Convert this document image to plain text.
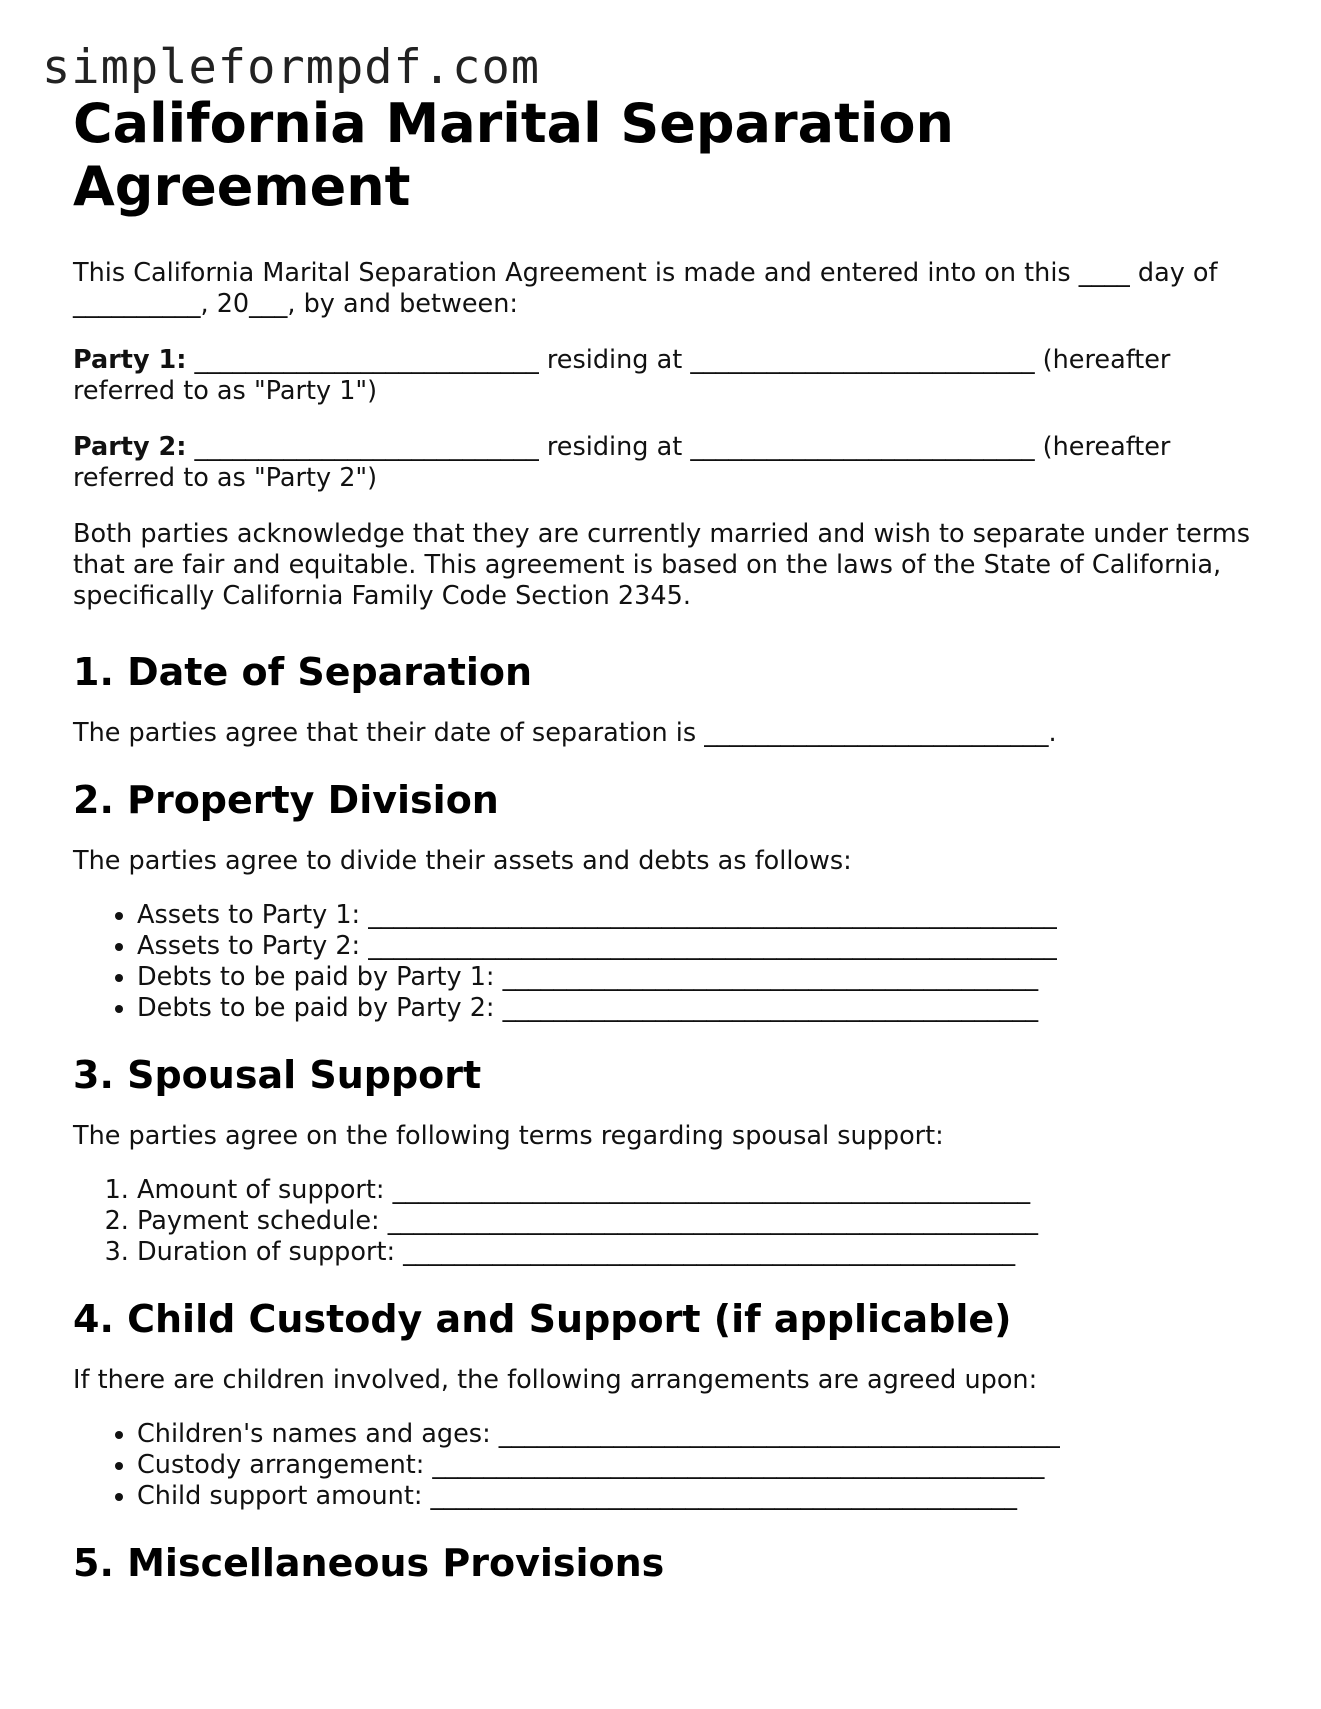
simpleformpdf.com
California Marital Separation Agreement

This California Marital Separation Agreement is made and entered into on this ____ day of __________, 20___, by and between:

Party 1: ___________________________ residing at ___________________________ (hereafter referred to as "Party 1")

Party 2: ___________________________ residing at ___________________________ (hereafter referred to as "Party 2")

Both parties acknowledge that they are currently married and wish to separate under terms that are fair and equitable. This agreement is based on the laws of the State of California, specifically California Family Code Section 2345.

1. Date of Separation

The parties agree that their date of separation is ___________________________.

2. Property Division

The parties agree to divide their assets and debts as follows:

• Assets to Party 1: ______________________________________________________
• Assets to Party 2: ______________________________________________________
• Debts to be paid by Party 1: __________________________________________
• Debts to be paid by Party 2: __________________________________________
3. Spousal Support

The parties agree on the following terms regarding spousal support:

1. Amount of support: __________________________________________________
2. Payment schedule: ___________________________________________________
3. Duration of support: ________________________________________________
4. Child Custody and Support (if applicable)

If there are children involved, the following arrangements are agreed upon:

• Children's names and ages: ____________________________________________
• Custody arrangement: ________________________________________________
• Child support amount: ______________________________________________
5. Miscellaneous Provisions
